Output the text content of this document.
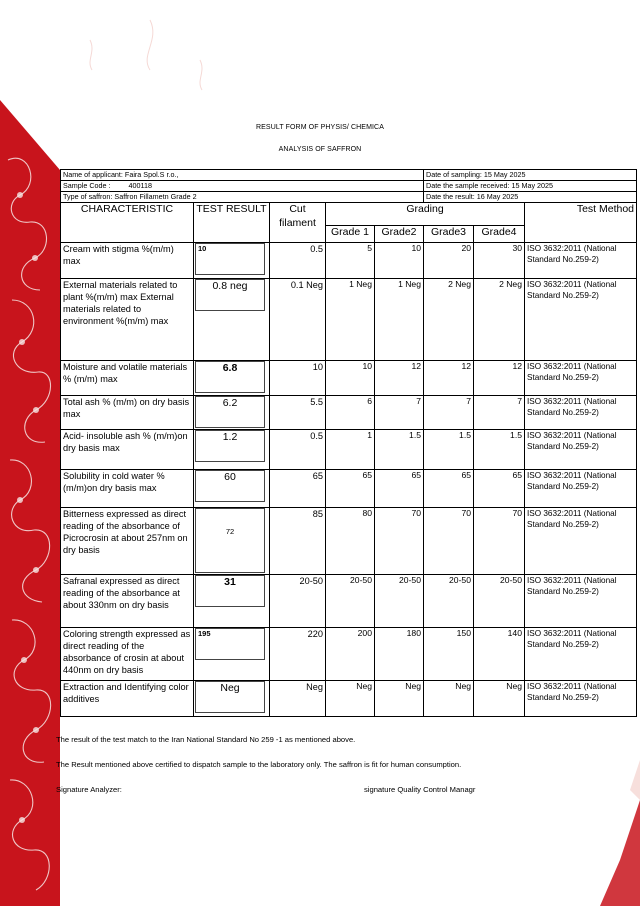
RESULT FORM OF PHYSIS/ CHEMICA
ANALYSIS OF SAFFRON
Name of applicant: Faira Spol.S r.o.,					Date of sampling: 15 May 2025		
Sample Code : 400118					Date the sample received: 15 May 2025		
Type of saffron: Saffron Fillametn Grade 2					Date the result: 16 May 2025		
CHARACTERISTIC	TEST RESULT	Cut filament	Grading				Test Method
			Grade 1	Grade2	Grade3	Grade4	
Cream with stigma %(m/m) max	10	0.5	5	10	20	30	ISO 3632:2011 (National Standard No.259-2)
External materials related to plant %(m/m) max External materials related to environment %(m/m) max	0.8 neg	0.1 Neg	1 Neg	1 Neg	2 Neg	2 Neg	ISO 3632:2011 (National Standard No.259-2)
Moisture and volatile materials % (m/m) max	6.8	10	10	12	12	12	ISO 3632:2011 (National Standard No.259-2)
Total ash % (m/m) on dry basis max	6.2	5.5	6	7	7	7	ISO 3632:2011 (National Standard No.259-2)
Acid- insoluble ash % (m/m)on dry basis max	1.2	0.5	1	1.5	1.5	1.5	ISO 3632:2011 (National Standard No.259-2)
Solubility in cold water %(m/m)on dry basis max	60	65	65	65	65	65	ISO 3632:2011 (National Standard No.259-2)
Bitterness expressed as direct reading of the absorbance of Picrocrosin at about 257nm on dry basis	72	85	80	70	70	70	ISO 3632:2011 (National Standard No.259-2)
Safranal expressed as direct reading of the absorbance at about 330nm on dry basis	31	20-50	20-50	20-50	20-50	20-50	ISO 3632:2011 (National Standard No.259-2)
Coloring strength expressed as direct reading of the absorbance of crosin at about 440nm on dry basis	195	220	200	180	150	140	ISO 3632:2011 (National Standard No.259-2)
Extraction and Identifying color additives	Neg	Neg	Neg	Neg	Neg	Neg	ISO 3632:2011 (National Standard No.259-2)
The result of the test match to the Iran National Standard No 259 -1 as mentioned above.
The Result mentioned above certified to dispatch sample to the laboratory only. The saffron is fit for human consumption.
Signature Analyzer:	signature Quality Control Managr
